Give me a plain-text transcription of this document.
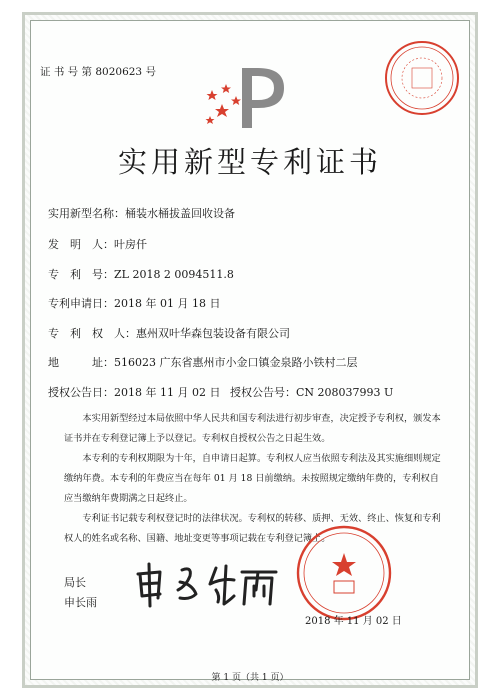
证 书 号 第 8020623 号
实用新型专利证书
实用新型名称：桶装水桶拔盖回收设备
发　明　人：叶房仟
专　利　号：ZL 2018 2 0094511.8
专利申请日：2018 年 01 月 18 日
专　利　权　人：惠州双叶华森包装设备有限公司
地　　　址：516023 广东省惠州市小金口镇金泉路小铁村二层
授权公告日：2018 年 11 月 02 日 授权公告号：CN 208037993 U

本实用新型经过本局依照中华人民共和国专利法进行初步审查，决定授予专利权，颁发本证书并在专利登记簿上予以登记。专利权自授权公告之日起生效。

本专利的专利权期限为十年，自申请日起算。专利权人应当依照专利法及其实施细则规定缴纳年费。本专利的年费应当在每年 01 月 18 日前缴纳。未按照规定缴纳年费的，专利权自应当缴纳年费期满之日起终止。

专利证书记载专利权登记时的法律状况。专利权的转移、质押、无效、终止、恢复和专利权人的姓名或名称、国籍、地址变更等事项记载在专利登记簿上。

局长
申长雨
2018 年 11 月 02 日
第 1 页（共 1 页）
